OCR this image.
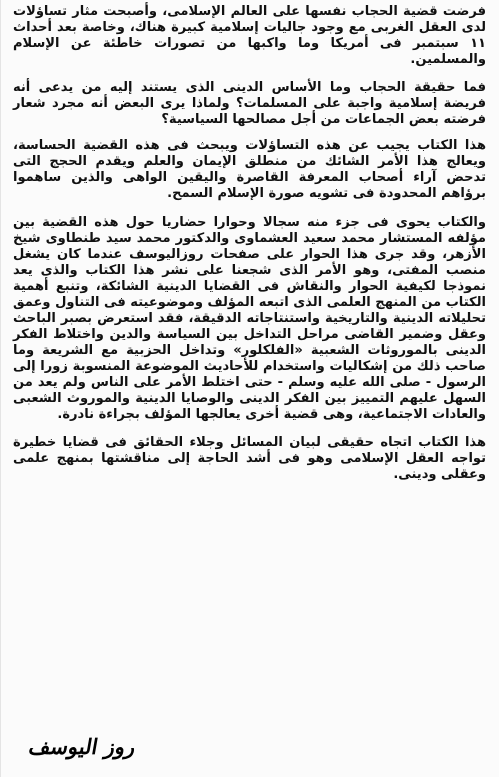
فرضت قضية الحجاب نفسها على العالم الإسلامى، وأصبحت مثار تساؤلات لدى العقل الغربى مع وجود جاليات إسلامية كبيرة هناك، وخاصة بعد أحداث ١١ سبتمبر فى أمريكا وما واكبها من تصورات خاطئة عن الإسلام والمسلمين.

فما حقيقة الحجاب وما الأساس الدينى الذى يستند إليه من يدعى أنه فريضة إسلامية واجبة على المسلمات؟ ولماذا يرى البعض أنه مجرد شعار فرضته بعض الجماعات من أجل مصالحها السياسية؟

هذا الكتاب يجيب عن هذه التساؤلات ويبحث فى هذه القضية الحساسة، ويعالج هذا الأمر الشائك من منطلق الإيمان والعلم ويقدم الحجج التى تدحض آراء أصحاب المعرفة القاصرة واليقين الواهى والذين ساهموا برؤاهم المحدودة فى تشويه صورة الإسلام السمح.

والكتاب يحوى فى جزء منه سجالا وحوارا حضاريا حول هذه القضية بين مؤلفه المستشار محمد سعيد العشماوى والدكتور محمد سيد طنطاوى شيخ الأزهر، وقد جرى هذا الحوار على صفحات روزاليوسف عندما كان يشغل منصب المفتى، وهو الأمر الذى شجعنا على نشر هذا الكتاب والذى يعد نموذجا لكيفية الحوار والنقاش فى القضايا الدينية الشائكة، وتنبع أهمية الكتاب من المنهج العلمى الذى اتبعه المؤلف وموضوعيته فى التناول وعمق تحليلاته الدينية والتاريخية واستنتاجاته الدقيقة، فقد استعرض بصبر الباحث وعقل وضمير القاضى مراحل التداخل بين السياسة والدين واختلاط الفكر الدينى بالموروثات الشعبية «الفلكلور» وتداخل الحزبية مع الشريعة وما صاحب ذلك من إشكاليات واستخدام للأحاديث الموضوعة المنسوبة زورا إلى الرسول - صلى الله عليه وسلم - حتى اختلط الأمر على الناس ولم يعد من السهل عليهم التمييز بين الفكر الدينى والوصايا الدينية والموروث الشعبى والعادات الاجتماعية، وهى قضية أخرى يعالجها المؤلف بجراءة نادرة.

هذا الكتاب اتجاه حقيقى لبيان المسائل وجلاء الحقائق فى قضايا خطيرة تواجه العقل الإسلامى وهو فى أشد الحاجة إلى مناقشتها بمنهج علمى وعقلى ودينى.

روز اليوسف
